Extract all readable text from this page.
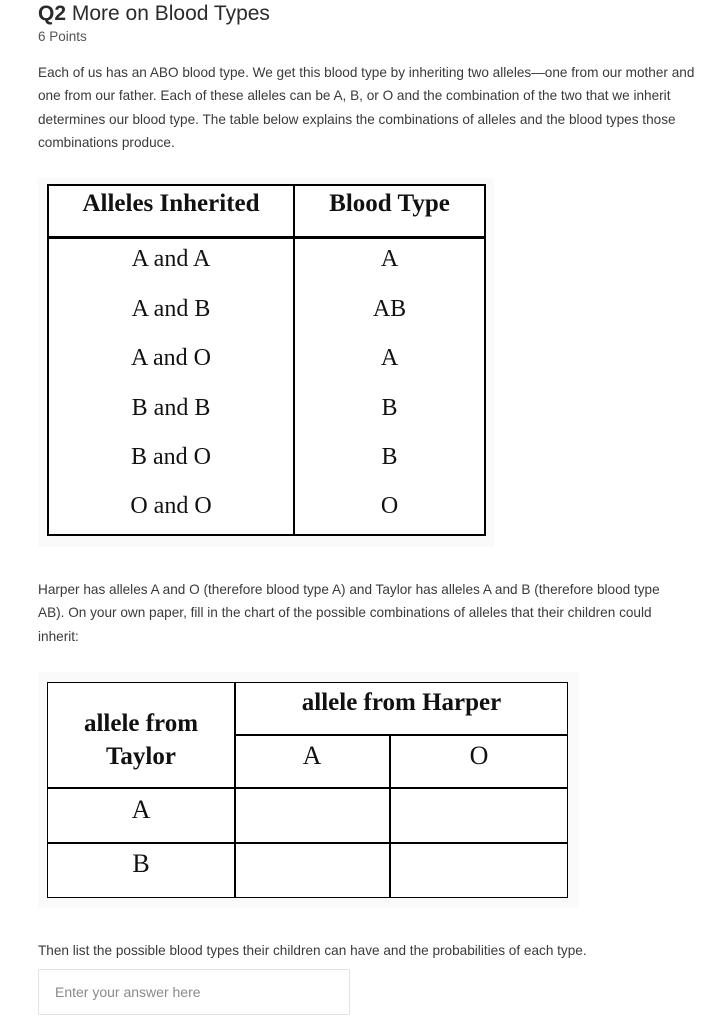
Q2 More on Blood Types
6 Points
Each of us has an ABO blood type. We get this blood type by inheriting two alleles—one from our mother and one from our father. Each of these alleles can be A, B, or O and the combination of the two that we inherit determines our blood type. The table below explains the combinations of alleles and the blood types those combinations produce.
Alleles Inherited	Blood Type
A and A	A
A and B	AB
A and O	A
B and B	B
B and O	B
O and O	O
Harper has alleles A and O (therefore blood type A) and Taylor has alleles A and B (therefore blood type AB). On your own paper, fill in the chart of the possible combinations of alleles that their children could inherit:
allele from
Taylor
allele from Harper
A	O
A
B
Then list the possible blood types their children can have and the probabilities of each type.
Enter your answer here
